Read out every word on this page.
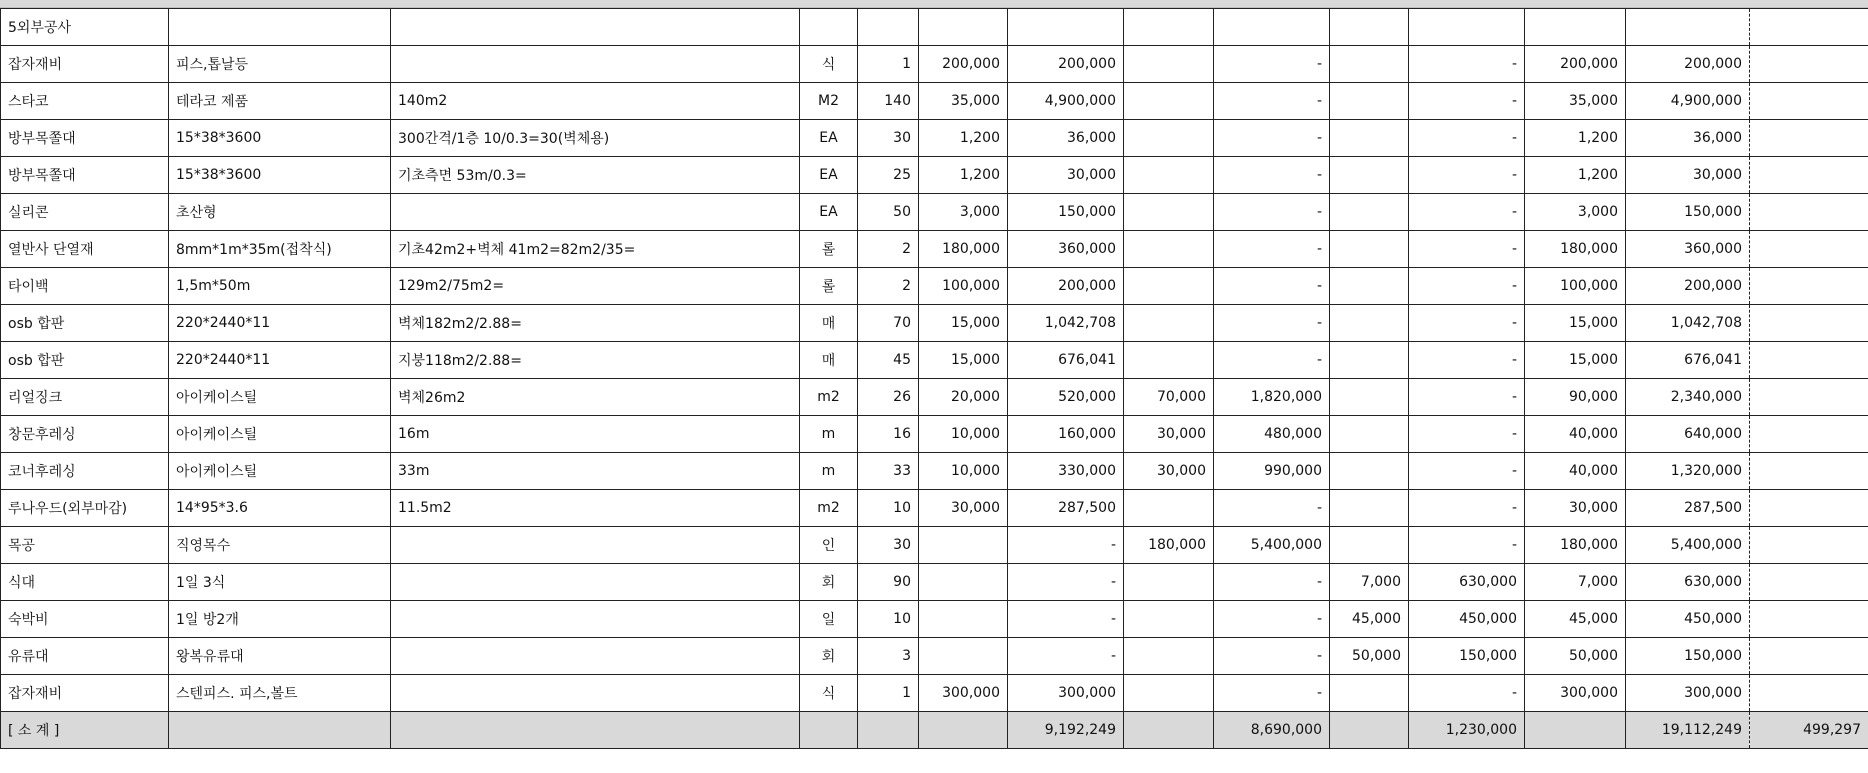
5외부공사													
잡자재비	피스,톱날등		식	1	200,000	200,000		-		-	200,000	200,000	
스타코	테라코 제품	140m2	M2	140	35,000	4,900,000		-		-	35,000	4,900,000	
방부목쫄대	15*38*3600	300간격/1층 10/0.3=30(벽체용)	EA	30	1,200	36,000		-		-	1,200	36,000	
방부목쫄대	15*38*3600	기초측면 53m/0.3=	EA	25	1,200	30,000		-		-	1,200	30,000	
실리콘	초산형		EA	50	3,000	150,000		-		-	3,000	150,000	
열반사 단열재	8mm*1m*35m(접착식)	기초42m2+벽체 41m2=82m2/35=	롤	2	180,000	360,000		-		-	180,000	360,000	
타이백	1,5m*50m	129m2/75m2=	롤	2	100,000	200,000		-		-	100,000	200,000	
osb 합판	220*2440*11	벽체182m2/2.88=	매	70	15,000	1,042,708		-		-	15,000	1,042,708	
osb 합판	220*2440*11	지붕118m2/2.88=	매	45	15,000	676,041		-		-	15,000	676,041	
리얼징크	아이케이스틸	벽체26m2	m2	26	20,000	520,000	70,000	1,820,000		-	90,000	2,340,000	
창문후레싱	아이케이스틸	16m	m	16	10,000	160,000	30,000	480,000		-	40,000	640,000	
코너후레싱	아이케이스틸	33m	m	33	10,000	330,000	30,000	990,000		-	40,000	1,320,000	
루나우드(외부마감)	14*95*3.6	11.5m2	m2	10	30,000	287,500		-		-	30,000	287,500	
목공	직영목수		인	30		-	180,000	5,400,000		-	180,000	5,400,000	
식대	1일 3식		회	90		-		-	7,000	630,000	7,000	630,000	
숙박비	1일 방2개		일	10		-		-	45,000	450,000	45,000	450,000	
유류대	왕복유류대		회	3		-		-	50,000	150,000	50,000	150,000	
잡자재비	스텐피스. 피스,볼트		식	1	300,000	300,000		-		-	300,000	300,000	
[ 소 계 ]						9,192,249		8,690,000		1,230,000		19,112,249	499,297
